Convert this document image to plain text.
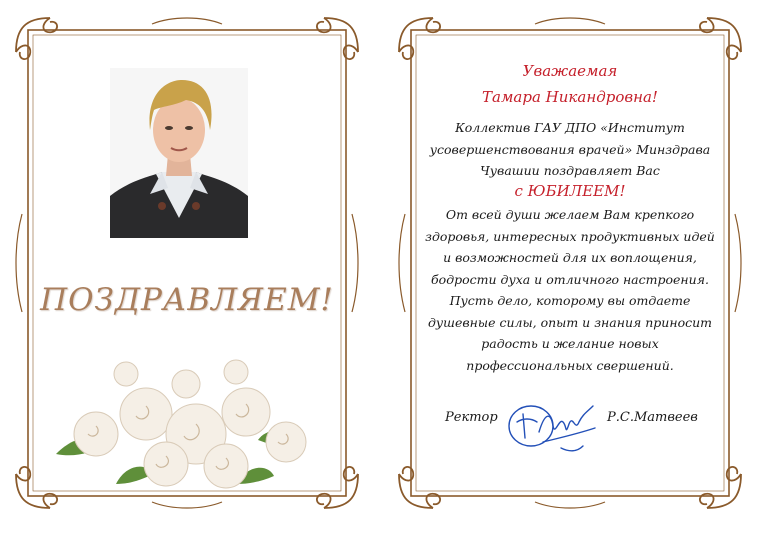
ПОЗДРАВЛЯЕМ!
Уважаемая
Тамара Никандровна!
Коллектив ГАУ ДПО «Институт
усовершенствования врачей» Минздрава
Чувашии поздравляет Вас
с ЮБИЛЕЕМ!
От всей души желаем Вам крепкого
здоровья, интересных продуктивных идей
и возможностей для их воплощения,
бодрости духа и отличного настроения.
Пусть дело, которому вы отдаете
душевные силы, опыт и знания приносит
радость и желание новых
профессиональных свершений.
Ректор	Р.С.Матвеев
